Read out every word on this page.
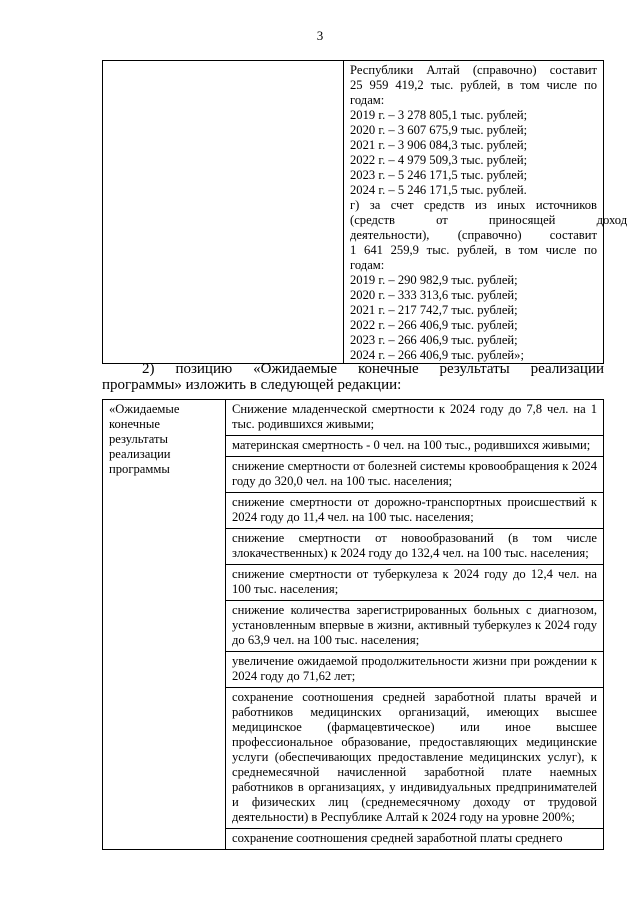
3

Республики Алтай (справочно) составит
25 959 419,2 тыс. рублей, в том числе по
годам:
2019 г. – 3 278 805,1 тыс. рублей;
2020 г. – 3 607 675,9 тыс. рублей;
2021 г. – 3 906 084,3 тыс. рублей;
2022 г. – 4 979 509,3 тыс. рублей;
2023 г. – 5 246 171,5 тыс. рублей;
2024 г. – 5 246 171,5 тыс. рублей.
г) за счет средств из иных источников
(средств от приносящей доход
деятельности), (справочно) составит
1 641 259,9 тыс. рублей, в том числе по
годам:
2019 г. – 290 982,9 тыс. рублей;
2020 г. – 333 313,6 тыс. рублей;
2021 г. – 217 742,7 тыс. рублей;
2022 г. – 266 406,9 тыс. рублей;
2023 г. – 266 406,9 тыс. рублей;
2024 г. – 266 406,9 тыс. рублей»;
2) позицию «Ожидаемые конечные результаты реализации
программы» изложить в следующей редакции:
«Ожидаемые конечные результаты реализации программы	
Снижение младенческой смертности к 2024 году до 7,8 чел. на 1 тыс. родившихся живыми;
материнская смертность - 0 чел. на 100 тыс., родившихся живыми;
снижение смертности от болезней системы кровообращения к 2024 году до 320,0 чел. на 100 тыс. населения;
снижение смертности от дорожно-транспортных происшествий к 2024 году до 11,4 чел. на 100 тыс. населения;
снижение смертности от новообразований (в том числе злокачественных) к 2024 году до 132,4 чел. на 100 тыс. населения;
снижение смертности от туберкулеза к 2024 году до 12,4 чел. на 100 тыс. населения;
снижение количества зарегистрированных больных с диагнозом, установленным впервые в жизни, активный туберкулез к 2024 году до 63,9 чел. на 100 тыс. населения;
увеличение ожидаемой продолжительности жизни при рождении к 2024 году до 71,62 лет;
сохранение соотношения средней заработной платы врачей и работников медицинских организаций, имеющих высшее медицинское (фармацевтическое) или иное высшее профессиональное образование, предоставляющих медицинские услуги (обеспечивающих предоставление медицинских услуг), к среднемесячной начисленной заработной плате наемных работников в организациях, у индивидуальных предпринимателей и физических лиц (среднемесячному доходу от трудовой деятельности) в Республике Алтай к 2024 году на уровне 200%;
сохранение соотношения средней заработной платы среднего
